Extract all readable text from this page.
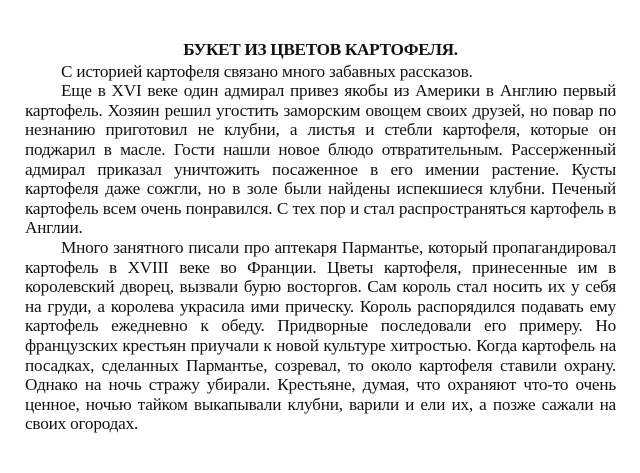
БУКЕТ ИЗ ЦВЕТОВ КАРТОФЕЛЯ.

С историей картофеля связано много забавных рассказов.

Еще в XVI веке один адмирал привез якобы из Америки в Англию первый картофель. Хозяин решил угостить заморским овощем своих друзей, но повар по незнанию приготовил не клубни, а листья и стебли картофеля, которые он поджарил в масле. Гости нашли новое блюдо отвратительным. Рассерженный адмирал приказал уничтожить посаженное в его имении растение. Кусты картофеля даже сожгли, но в золе были найдены испекшиеся клубни. Печеный картофель всем очень понравился. С тех пор и стал распространяться картофель в Англии.

Много занятного писали про аптекаря Пармантье, который пропагандировал картофель в XVIII веке во Франции. Цветы картофеля, принесенные им в королевский дворец, вызвали бурю восторгов. Сам король стал носить их у себя на груди, а королева украсила ими прическу. Король распорядился подавать ему картофель ежедневно к обеду. Придворные последовали его примеру. Но французских крестьян приучали к новой культуре хитростью. Когда картофель на посадках, сделанных Пармантье, созревал, то около картофеля ставили охрану. Однако на ночь стражу убирали. Крестьяне, думая, что охраняют что-то очень ценное, ночью тайком выкапывали клубни, варили и ели их, а позже сажали на своих огородах.
